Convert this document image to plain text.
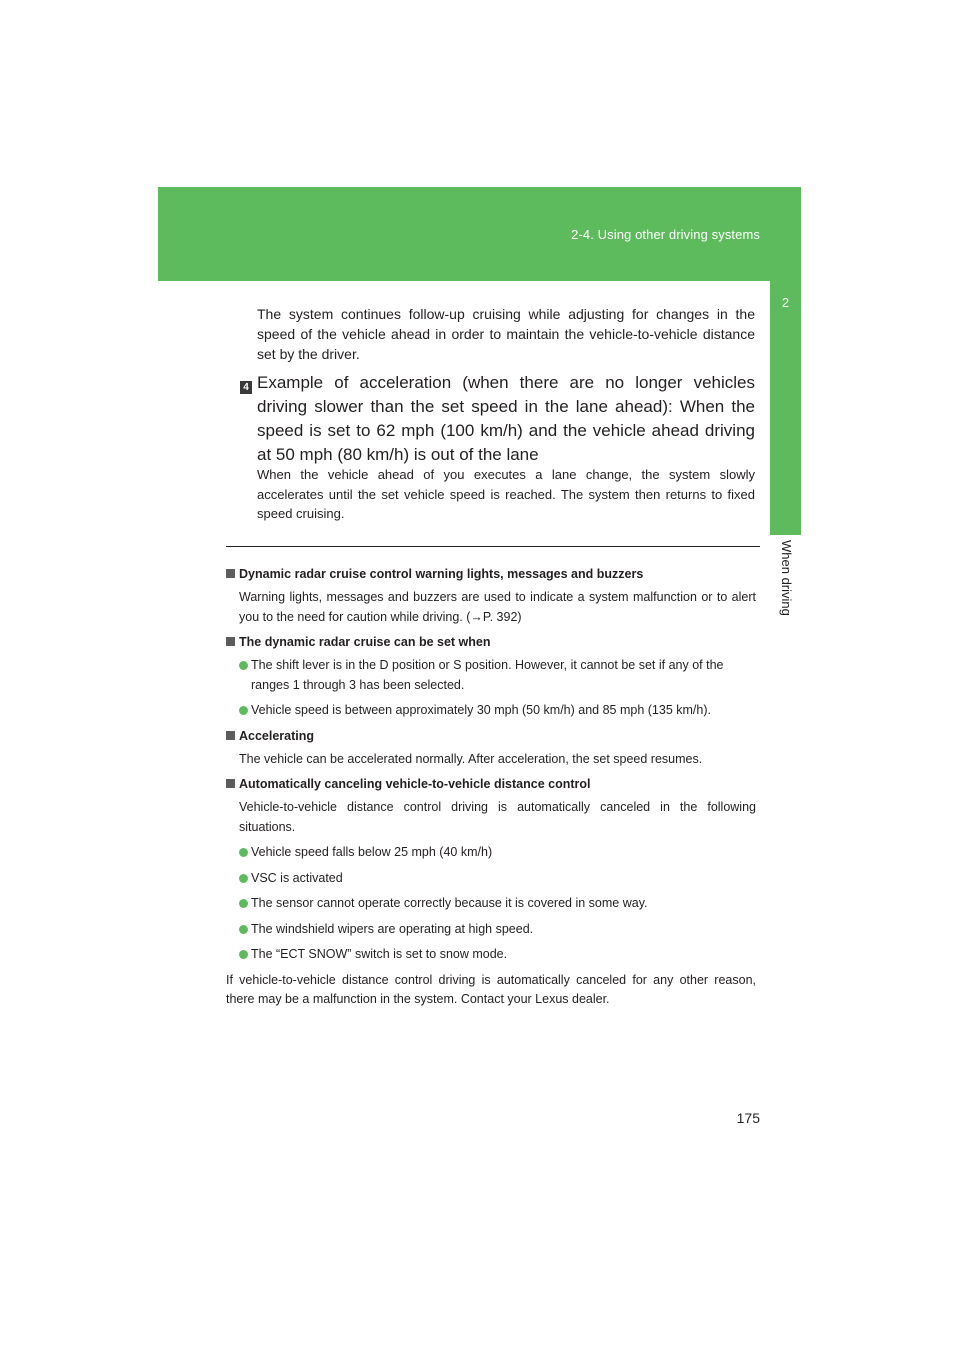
2-4. Using other driving systems
2
When driving

The system continues follow-up cruising while adjusting for changes in the speed of the vehicle ahead in order to maintain the vehicle-to-vehicle distance set by the driver.

4 Example of acceleration (when there are no longer vehicles driving slower than the set speed in the lane ahead): When the speed is set to 62 mph (100 km/h) and the vehicle ahead driving at 50 mph (80 km/h) is out of the lane

When the vehicle ahead of you executes a lane change, the system slowly accelerates until the set vehicle speed is reached. The system then returns to fixed speed cruising.

Dynamic radar cruise control warning lights, messages and buzzers
Warning lights, messages and buzzers are used to indicate a system malfunction or to alert you to the need for caution while driving. (→P. 392)
The dynamic radar cruise can be set when
The shift lever is in the D position or S position. However, it cannot be set if any of the ranges 1 through 3 has been selected.
Vehicle speed is between approximately 30 mph (50 km/h) and 85 mph (135 km/h).
Accelerating
The vehicle can be accelerated normally. After acceleration, the set speed resumes.
Automatically canceling vehicle-to-vehicle distance control
Vehicle-to-vehicle distance control driving is automatically canceled in the following situations.
Vehicle speed falls below 25 mph (40 km/h)
VSC is activated
The sensor cannot operate correctly because it is covered in some way.
The windshield wipers are operating at high speed.
The “ECT SNOW” switch is set to snow mode.
If vehicle-to-vehicle distance control driving is automatically canceled for any other reason, there may be a malfunction in the system. Contact your Lexus dealer.
175
